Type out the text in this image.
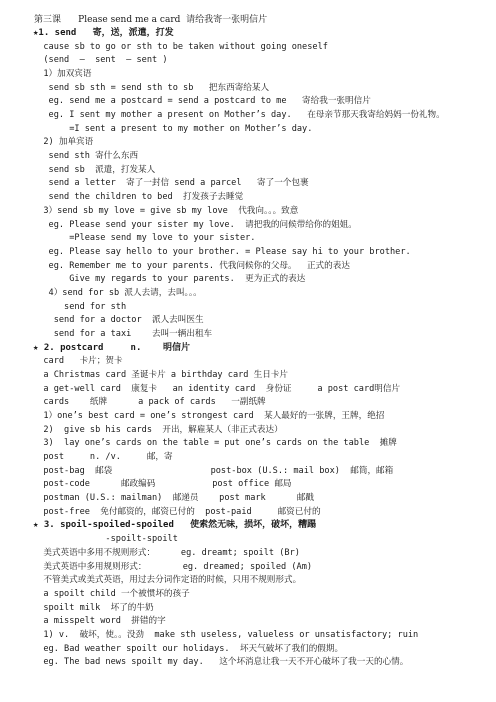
第三课      Please send me a card  请给我寄一张明信片
★1. send   寄，送，派遣，打发
cause sb to go or sth to be taken without going oneself
(send  –  sent  – sent )
1）加双宾语
send sb sth = send sth to sb   把东西寄给某人
eg. send me a postcard = send a postcard to me   寄给我一张明信片
eg. I sent my mother a present on Mother’s day.   在母亲节那天我寄给妈妈一份礼物。
=I sent a present to my mother on Mother’s day.
2) 加单宾语
send sth 寄什么东西
send sb  派遣，打发某人
send a letter  寄了一封信 send a parcel   寄了一个包裹
send the children to bed  打发孩子去睡觉
3）send sb my love = give sb my love  代我向。。。致意
eg. Please send your sister my love.  请把我的问候带给你的姐姐。
=Please send my love to your sister.
eg. Please say hello to your brother. = Please say hi to your brother.
eg. Remember me to your parents. 代我问候你的父母。  正式的表达
Give my regards to your parents.  更为正式的表达
4）send for sb 派人去请，去叫。。。
send for sth
send for a doctor  派人去叫医生
send for a taxi    去叫一辆出租车
★ 2. postcard     n.    明信片
card   卡片；贺卡
a Christmas card 圣诞卡片 a birthday card 生日卡片
a get-well card  康复卡   an identity card  身份证     a post card明信片
cards    纸牌      a pack of cards   一副纸牌
1）one’s best card = one’s strongest card  某人最好的一张牌，王牌，绝招
2)  give sb his cards  开出，解雇某人（非正式表达）
3)  lay one’s cards on the table = put one’s cards on the table  摊牌
post     n. /v.     邮，寄
post-bag  邮袋                   post-box (U.S.: mail box)  邮筒，邮箱
post-code      邮政编码           post office 邮局
postman (U.S.: mailman)  邮递员    post mark      邮戳
post-free  免付邮资的，邮资已付的  post-paid     邮资已付的
★ 3. spoil-spoiled-spoiled   使索然无味，损坏，破坏，糟蹋
-spoilt-spoilt
美式英语中多用不规则形式：     eg. dreamt; spoilt (Br)
美式英语中多用规则形式：       eg. dreamed; spoiled (Am)
不管美式或美式英语，用过去分词作定语的时候，只用不规则形式。
a spoilt child 一个被惯坏的孩子
spoilt milk  坏了的牛奶
a misspelt word  拼错的字
1) v.  破坏，使。。没劲  make sth useless, valueless or unsatisfactory; ruin
eg. Bad weather spoilt our holidays.  坏天气破坏了我们的假期。
eg. The bad news spoilt my day.   这个坏消息让我一天不开心破坏了我一天的心情。
